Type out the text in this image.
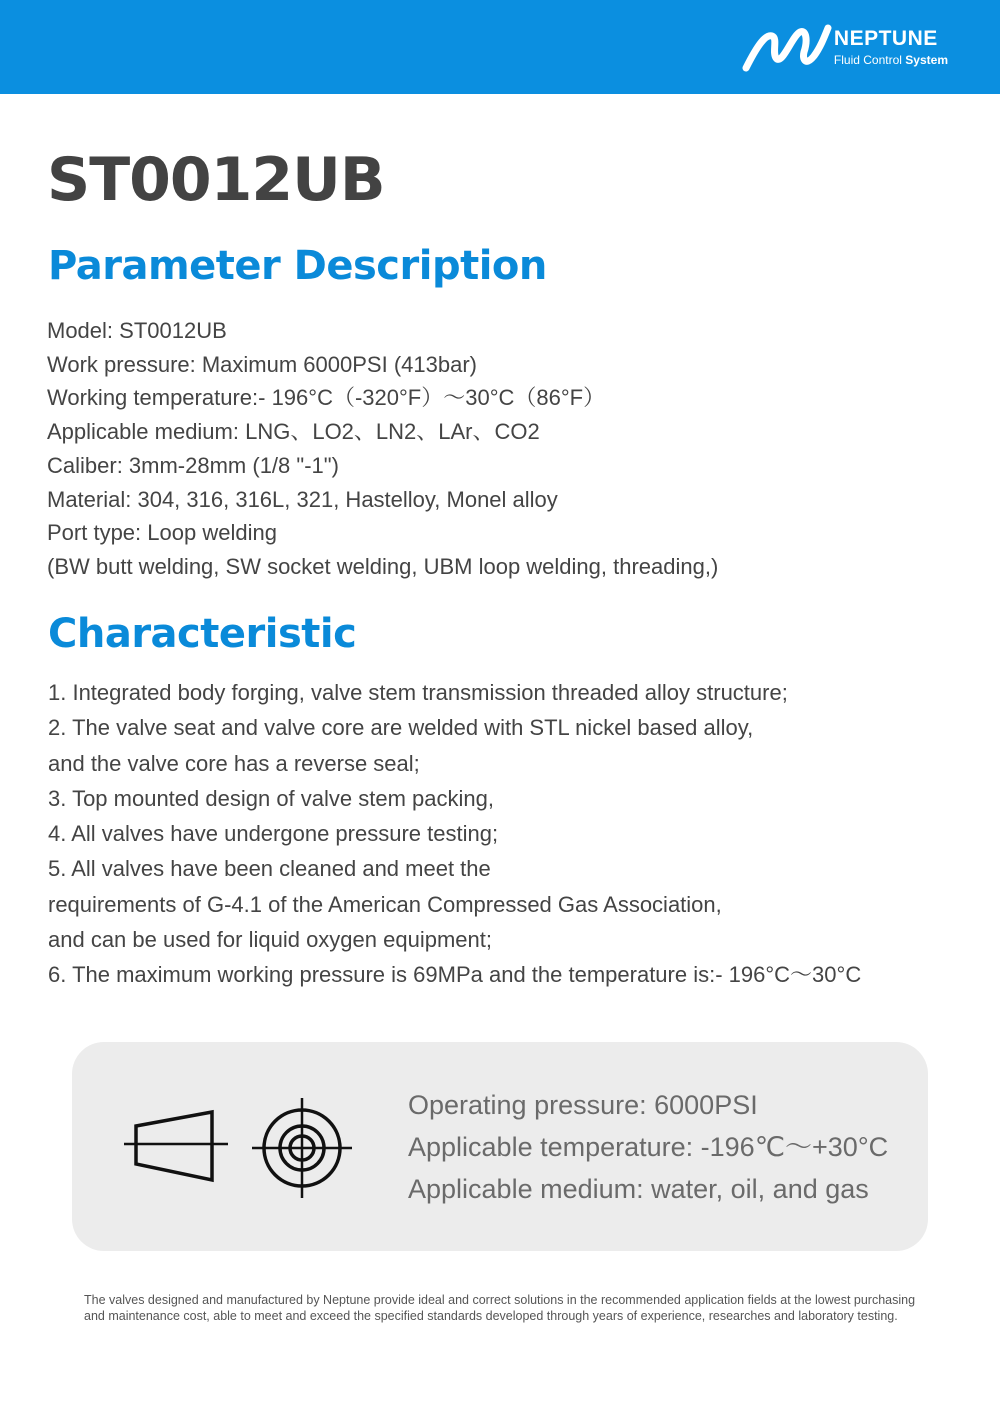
NEPTUNE
Fluid Control System
ST0012UB
Parameter Description
Model: ST0012UB
Work pressure: Maximum 6000PSI (413bar)
Working temperature:- 196°C（-320°F）～30°C（86°F）
Applicable medium: LNG、LO2、LN2、LAr、CO2
Caliber: 3mm-28mm (1/8 "-1")
Material: 304, 316, 316L, 321, Hastelloy, Monel alloy
Port type: Loop welding
(BW butt welding, SW socket welding, UBM loop welding, threading,)
Characteristic
1. Integrated body forging, valve stem transmission threaded alloy structure;
2. The valve seat and valve core are welded with STL nickel based alloy,
and the valve core has a reverse seal;
3. Top mounted design of valve stem packing,
4. All valves have undergone pressure testing;
5. All valves have been cleaned and meet the
requirements of G-4.1 of the American Compressed Gas Association,
and can be used for liquid oxygen equipment;
6. The maximum working pressure is 69MPa and the temperature is:- 196°C～30°C
Operating pressure: 6000PSI
Applicable temperature: -196℃～+30°C
Applicable medium: water, oil, and gas

The valves designed and manufactured by Neptune provide ideal and correct solutions in the recommended application fields at the lowest purchasing and maintenance cost, able to meet and exceed the specified standards developed through years of experience, researches and laboratory testing.
